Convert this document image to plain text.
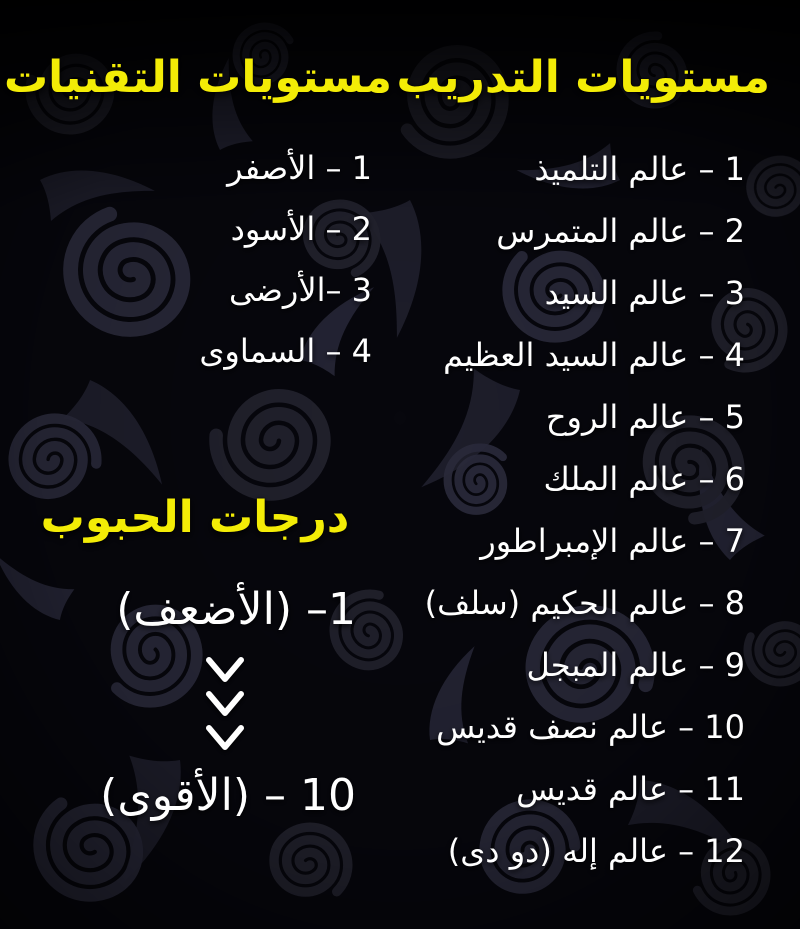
مستويات التدريب
1 – عالم التلميذ
2 – عالم المتمرس
3 – عالم السيد
4 – عالم السيد العظيم
5 – عالم الروح
6 – عالم الملك
7 – عالم الإمبراطور
8 – عالم الحكيم (سلف)
9 – عالم المبجل
10 – عالم نصف قديس
11 – عالم قديس
12 – عالم إله (دو دى)
مستويات التقنيات
1 – الأصفر
2 – الأسود
3 –الأرضى
4 – السماوى
درجات الحبوب
1– (الأضعف)
10 – (الأقوى)
